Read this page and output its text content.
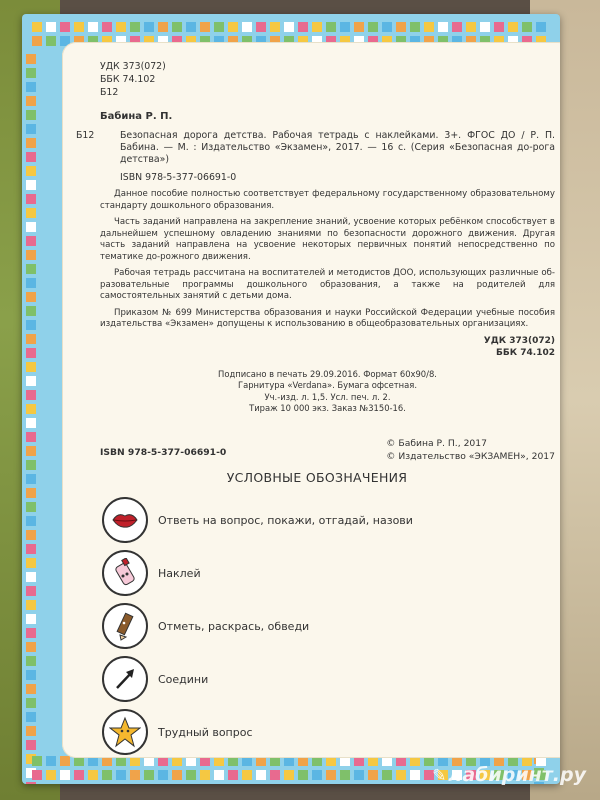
УДК 373(072)
ББК 74.102
Б12
Бабина Р. П.
Б12	Безопасная дорога детства. Рабочая тетрадь с наклейками. 3+. ФГОС ДО / Р. П. Бабина. — М. : Издательство «Экзамен», 2017. — 16 с. (Серия «Безопасная до-рога детства»)
ISBN 978-5-377-06691-0
Данное пособие полностью соответствует федеральному государственному образовательному стандарту дошкольного образования.
Часть заданий направлена на закрепление знаний, усвоение которых ребёнком способствует в дальнейшем успешному овладению знаниями по безопасности дорожного движения. Другая часть заданий направлена на усвоение некоторых первичных понятий непосредственно по тематике до-рожного движения.
Рабочая тетрадь рассчитана на воспитателей и методистов ДОО, использующих различные об-разовательные программы дошкольного образования, а также на родителей для самостоятельных занятий с детьми дома.
Приказом № 699 Министерства образования и науки Российской Федерации учебные пособия издательства «Экзамен» допущены к использованию в общеобразовательных организациях.
УДК 373(072)
ББК 74.102
Подписано в печать 29.09.2016. Формат 60х90/8.
Гарнитура «Verdana». Бумага офсетная.
Уч.-изд. л. 1,5. Усл. печ. л. 2.
Тираж 10 000 экз. Заказ №3150-16.
ISBN 978-5-377-06691-0
© Бабина Р. П., 2017
© Издательство «ЭКЗАМЕН», 2017
УСЛОВНЫЕ ОБОЗНАЧЕНИЯ
Ответь на вопрос, покажи, отгадай, назови
Наклей
Отметь, раскрась, обведи
Соедини
Трудный вопрос
✎ лабиринт.ру
